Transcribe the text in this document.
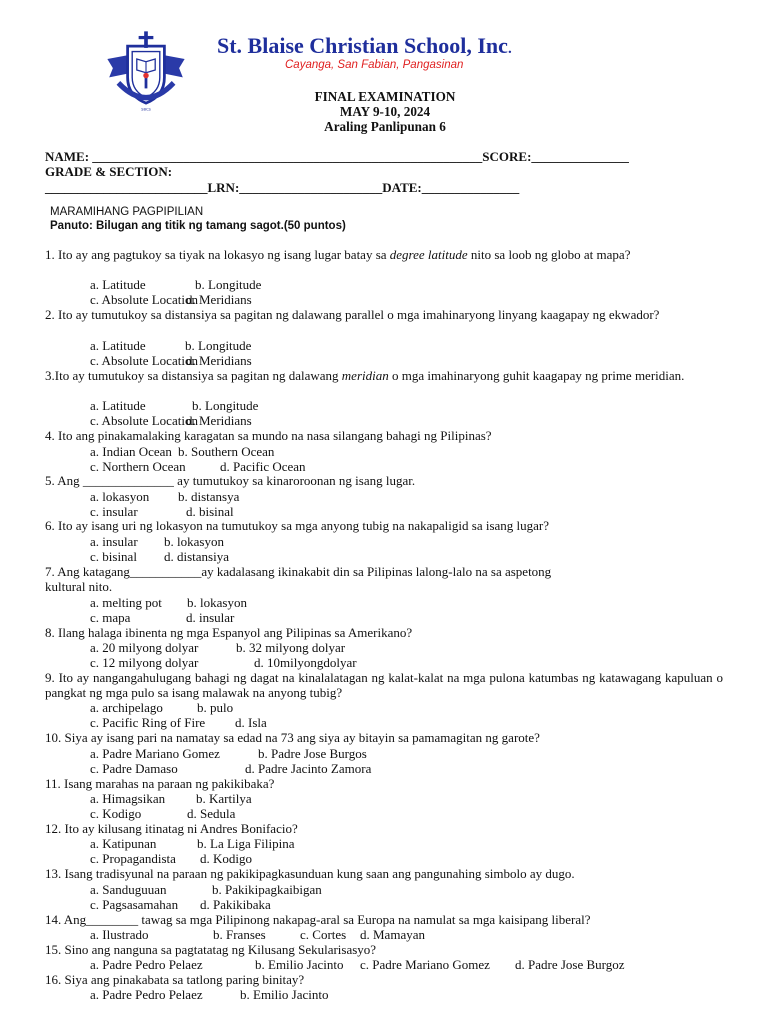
SBCS
St. Blaise Christian School, Inc.
Cayanga, San Fabian, Pangasinan
FINAL EXAMINATION
MAY 9-10, 2024
Araling Panlipunan 6
NAME: ____________________________________________________________SCORE:_______________
GRADE & SECTION:
_________________________LRN:______________________DATE:_______________
MARAMIHANG PAGPIPILIAN
Panuto: Bilugan ang titik ng tamang sagot.(50 puntos)
1. Ito ay ang pagtukoy sa tiyak na lokasyo ng isang lugar batay sa degree latitude nito sa loob ng globo at mapa?
a. Latitude	b. Longitude
c. Absolute Location
d. Meridians
2. Ito ay tumutukoy sa distansiya sa pagitan ng dalawang parallel o mga imahinaryong linyang kaagapay ng ekwador?
a. Latitude	b. Longitude
c. Absolute Location
d. Meridians
3.Ito ay tumutukoy sa distansiya sa pagitan ng dalawang meridian o mga imahinaryong guhit kaagapay ng prime meridian.
a. Latitude	b. Longitude
c. Absolute Location
d. Meridians
4. Ito ang pinakamalaking karagatan sa mundo na nasa silangang bahagi ng Pilipinas?
a. Indian Ocean b. Southern Ocean
c. Northern Ocean	d. Pacific Ocean
5. Ang ______________ ay tumutukoy sa kinaroroonan ng isang lugar.
a. lokasyon b. distansya
c. insular	d. bisinal
6. Ito ay isang uri ng lokasyon na tumutukoy sa mga anyong tubig na nakapaligid sa isang lugar?
a. insular b. lokasyon
c. bisinal d. distansiya
7. Ang katagang___________ay kadalasang ikinakabit din sa Pilipinas lalong-lalo na sa aspetong
kultural nito.
a. melting pot b. lokasyon
c. mapa	d. insular
8. Ilang halaga ibinenta ng mga Espanyol ang Pilipinas sa Amerikano?
a. 20 milyong dolyar	b. 32 milyong dolyar
c. 12 milyong dolyar	d. 10milyongdolyar
9. Ito ay nangangahulugang bahagi ng dagat na kinalalatagan ng kalat-kalat na mga pulona katumbas ng katawagang kapuluan o pangkat ng mga pulo sa isang malawak na anyong tubig?
a. archipelago	b. pulo
c. Pacific Ring of Fire d. Isla
10. Siya ay isang pari na namatay sa edad na 73 ang siya ay bitayin sa pamamagitan ng garote?
a. Padre Mariano Gomez	b. Padre Jose Burgos
c. Padre Damaso	d. Padre Jacinto Zamora
11. Isang marahas na paraan ng pakikibaka?
a. Himagsikan b. Kartilya
c. Kodigo	d. Sedula
12. Ito ay kilusang itinatag ni Andres Bonifacio?
a. Katipunan	b. La Liga Filipina
c. Propagandista d. Kodigo
13. Isang tradisyunal na paraan ng pakikipagkasunduan kung saan ang pangunahing simbolo ay dugo.
a. Sanduguuan	b. Pakikipagkaibigan
c. Pagsasamahan d. Pakikibaka
14. Ang________ tawag sa mga Pilipinong nakapag-aral sa Europa na namulat sa mga kaisipang liberal?
a. Ilustrado	b. Franses	c. Cortes d. Mamayan
15. Sino ang nanguna sa pagtatatag ng Kilusang Sekularisasyo?
a. Padre Pedro Pelaez	b. Emilio Jacinto c. Padre Mariano Gomez d. Padre Jose Burgoz
16. Siya ang pinakabata sa tatlong paring binitay?
a. Padre Pedro Pelaez	b. Emilio Jacinto
